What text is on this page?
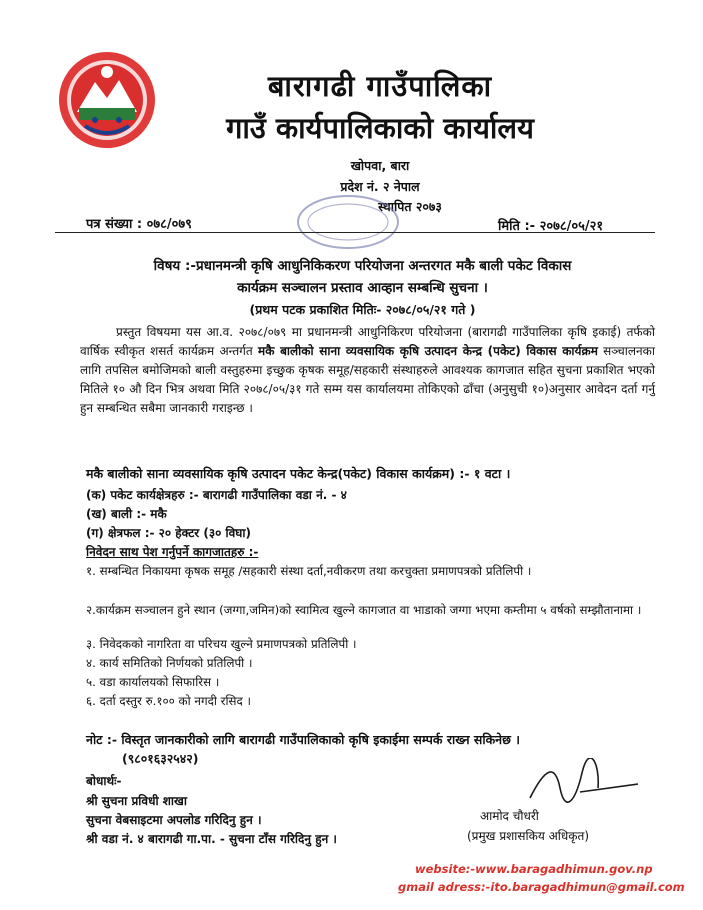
बारागढी गाउँपालिका
गाउँ कार्यपालिकाको कार्यालय
खोपवा, बारा
प्रदेश नं. २ नेपाल
स्थापित २०७३
पत्र संख्या : ०७८/०७९	मिति :- २०७८/०५/२१
विषय :-प्रधानमन्त्री कृषि आधुनिकिकरण परियोजना अन्तरगत मकै बाली पकेट विकास
कार्यक्रम सञ्चालन प्रस्ताव आव्हान सम्बन्धि सुचना ।
(प्रथम पटक प्रकाशित मितिः- २०७८/०५/२१ गते )
प्रस्तुत विषयमा यस आ.व. २०७८/०७९ मा प्रधानमन्त्री आधुनिकिरण परियोजना (बारागढी गाउँपालिका कृषि इकाई) तर्फको वार्षिक स्वीकृत शसर्त कार्यक्रम अन्तर्गत मकै बालीको साना व्यवसायिक कृषि उत्पादन केन्द्र (पकेट) विकास कार्यक्रम सञ्चालनका लागि तपसिल बमोजिमको बाली वस्तुहरुमा इच्छुक कृषक समूह/सहकारी संस्थाहरुले आवश्यक कागजात सहित सुचना प्रकाशित भएको मितिले १० औ दिन भित्र अथवा मिति २०७८/०५/३१ गते सम्म यस कार्यालयमा तोकिएको ढाँचा (अनुसुची १०)अनुसार आवेदन दर्ता गर्नु हुन सम्बन्धित सबैमा जानकारी गराइन्छ ।
मकै बालीको साना व्यवसायिक कृषि उत्पादन पकेट केन्द्र(पकेट) विकास कार्यक्रम) :- १ वटा ।
(क) पकेट कार्यक्षेत्रहरु :- बारागढी गाउँपालिका वडा नं. - ४
(ख) बाली :- मकै
(ग) क्षेत्रफल :- २० हेक्टर (३० विघा)
निवेदन साथ पेश गर्नुपर्ने कागजातहरु :-
१. सम्बन्धित निकायमा कृषक समूह /सहकारी संस्था दर्ता,नवीकरण तथा करचुक्ता प्रमाणपत्रको प्रतिलिपी ।
२.कार्यक्रम सञ्चालन हुने स्थान (जग्गा,जमिन)को स्वामित्व खुल्ने कागजात वा भाडाको जग्गा भएमा कम्तीमा ५ वर्षको सम्झौतानामा ।
३. निवेदकको नागरिता वा परिचय खुल्ने प्रमाणपत्रको प्रतिलिपी ।
४. कार्य समितिको निर्णयको प्रतिलिपी ।
५. वडा कार्यालयको सिफारिस ।
६. दर्ता दस्तुर रु.१०० को नगदी रसिद ।
नोट :- विस्तृत जानकारीको लागि बारागढी गाउँपालिकाको कृषि इकाईमा सम्पर्क राख्न सकिनेछ ।
(९८०१६३२५४२)
बोधार्थः-
श्री सुचना प्रविधी शाखा
सुचना वेबसाइटमा अपलोड गरिदिनु हुन ।
श्री वडा नं. ४ बारागढी गा.पा. - सुचना टाँस गरिदिनु हुन ।
आमोद चौधरी
(प्रमुख प्रशासकिय अधिकृत)
website:-www.baragadhimun.gov.np
gmail adress:-ito.baragadhimun@gmail.com
